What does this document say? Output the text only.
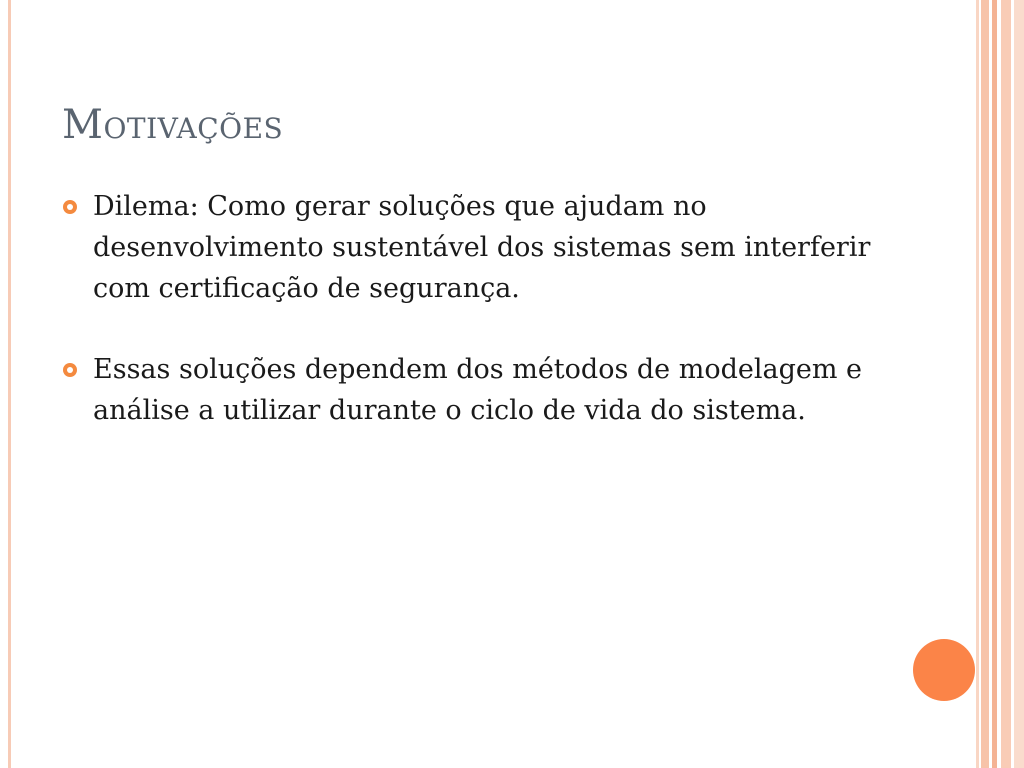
Motivações
Dilema: Como gerar soluções que ajudam no desenvolvimento sustentável dos sistemas sem interferir com certificação de segurança.
Essas soluções dependem dos métodos de modelagem e análise a utilizar durante o ciclo de vida do sistema.
